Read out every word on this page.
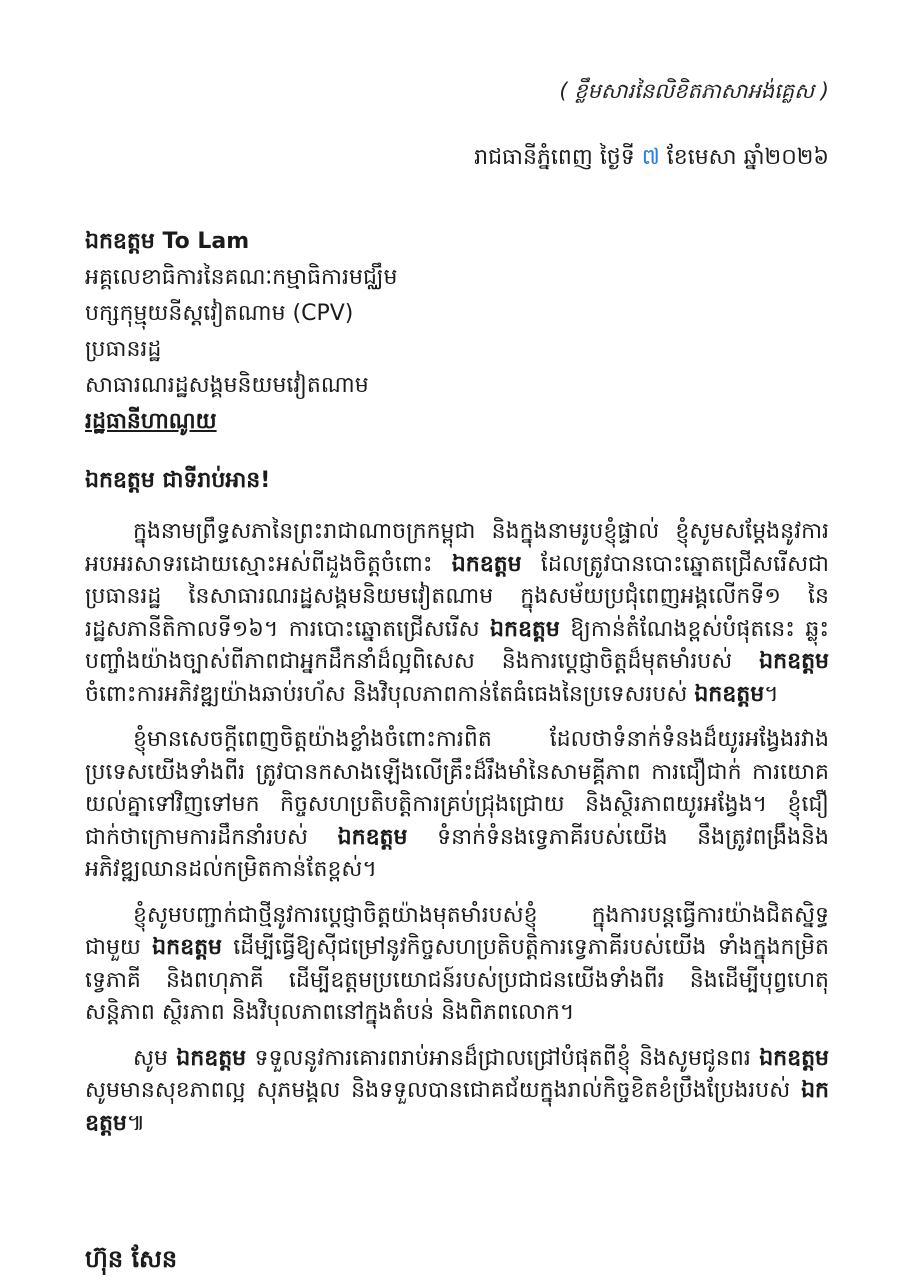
( ខ្លឹមសារនៃលិខិតភាសាអង់គ្លេស )
រាជធានីភ្នំពេញ ថ្ងៃទី ៧ ខែមេសា ឆ្នាំ២០២៦
ឯកឧត្តម To Lam
អគ្គលេខាធិការនៃគណៈកម្មាធិការមជ្ឈឹម
បក្សកុម្មុយនីស្តវៀតណាម (CPV)
ប្រធានរដ្ឋ
សាធារណរដ្ឋសង្គមនិយមវៀតណាម
រដ្ឋធានីហាណូយ
ឯកឧត្តម ជាទីរាប់អាន!

ក្នុងនាមព្រឹទ្ធសភានៃព្រះរាជាណាចក្រកម្ពុជា និងក្នុងនាមរូបខ្ញុំផ្ទាល់ ខ្ញុំសូមសម្តែងនូវការអបអរសាទរដោយស្មោះអស់ពីដួងចិត្តចំពោះ ឯកឧត្តម ដែលត្រូវបានបោះឆ្នោតជ្រើសរើសជាប្រធានរដ្ឋ នៃសាធារណរដ្ឋសង្គមនិយមវៀតណាម ក្នុងសម័យប្រជុំពេញអង្គលើកទី១ នៃរដ្ឋសភានីតិកាលទី១៦។ ការបោះឆ្នោតជ្រើសរើស ឯកឧត្តម ឱ្យកាន់តំណែងខ្ពស់បំផុតនេះ ឆ្លុះបញ្ចាំងយ៉ាងច្បាស់ពីភាពជាអ្នកដឹកនាំដ៏ល្អពិសេស និងការប្តេជ្ញាចិត្តដ៏មុតមាំរបស់ ឯកឧត្តម ចំពោះការអភិវឌ្ឍយ៉ាងឆាប់រហ័ស និងវិបុលភាពកាន់តែធំធេងនៃប្រទេសរបស់ ឯកឧត្តម។

ខ្ញុំមានសេចក្តីពេញចិត្តយ៉ាងខ្លាំងចំពោះការពិត ដែលថាទំនាក់ទំនងដ៏យូរអង្វែងរវាងប្រទេសយើងទាំងពីរ ត្រូវបានកសាងឡើងលើគ្រឹះដ៏រឹងមាំនៃសាមគ្គីភាព ការជឿជាក់ ការយោគយល់គ្នាទៅវិញទៅមក កិច្ចសហប្រតិបត្តិការគ្រប់ជ្រុងជ្រោយ និងស្ថិរភាពយូរអង្វែង។ ខ្ញុំជឿជាក់ថាក្រោមការដឹកនាំរបស់ ឯកឧត្តម ទំនាក់ទំនងទ្វេភាគីរបស់យើង នឹងត្រូវពង្រឹងនិងអភិវឌ្ឍឈានដល់កម្រិតកាន់តែខ្ពស់។

ខ្ញុំសូមបញ្ជាក់ជាថ្មីនូវការប្តេជ្ញាចិត្តយ៉ាងមុតមាំរបស់ខ្ញុំ ក្នុងការបន្តធ្វើការយ៉ាងជិតស្និទ្ធជាមួយ ឯកឧត្តម ដើម្បីធ្វើឱ្យស៊ីជម្រៅនូវកិច្ចសហប្រតិបត្តិការទ្វេភាគីរបស់យើង ទាំងក្នុងកម្រិតទ្វេភាគី និងពហុភាគី ដើម្បីឧត្តមប្រយោជន៍របស់ប្រជាជនយើងទាំងពីរ និងដើម្បីបុព្វហេតុសន្តិភាព ស្ថិរភាព និងវិបុលភាពនៅក្នុងតំបន់ និងពិភពលោក។

សូម ឯកឧត្តម ទទួលនូវការគោរពរាប់អានដ៏ជ្រាលជ្រៅបំផុតពីខ្ញុំ និងសូមជូនពរ ឯកឧត្តម សូមមានសុខភាពល្អ សុភមង្គល និងទទួលបានជោគជ័យក្នុងរាល់កិច្ចខិតខំប្រឹងប្រែងរបស់ ឯកឧត្តម៕

ហ៊ុន សែន
